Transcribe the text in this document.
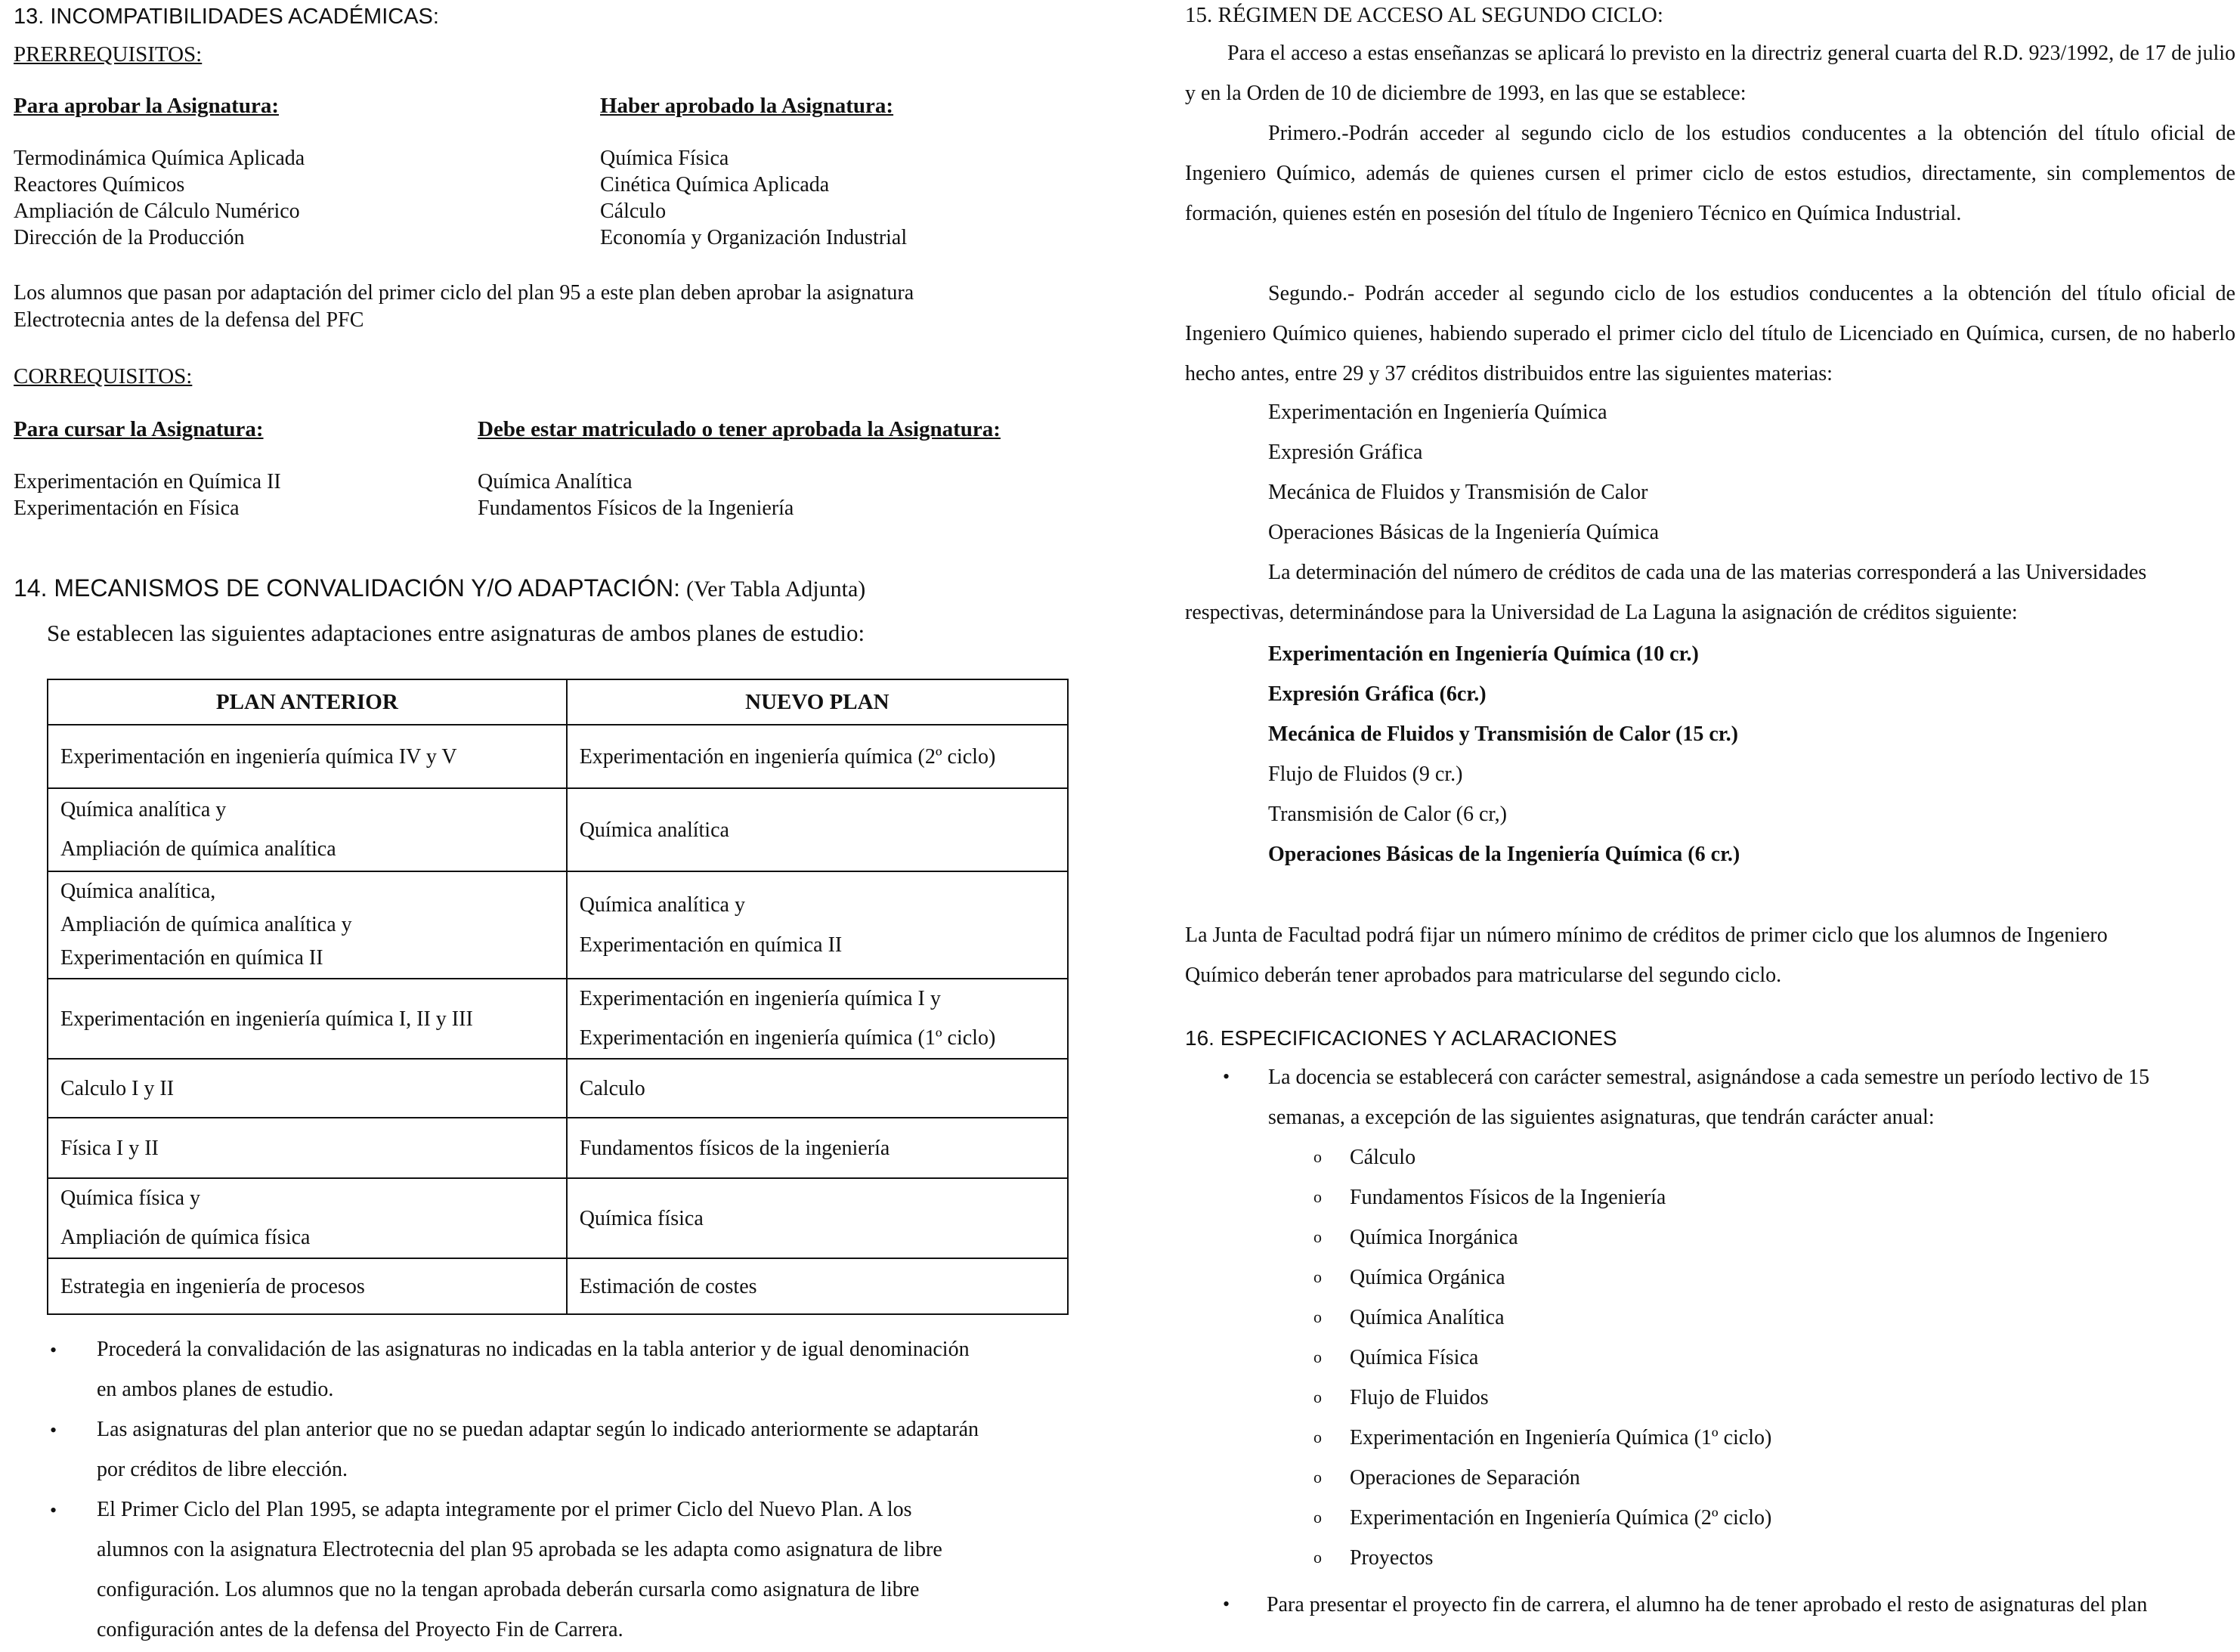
13. INCOMPATIBILIDADES ACADÉMICAS:
PRERREQUISITOS:
Para aprobar la Asignatura:	Haber aprobado la Asignatura:
Termodinámica Química Aplicada	Química Física
Reactores Químicos	Cinética Química Aplicada
Ampliación de Cálculo Numérico	Cálculo
Dirección de la Producción	Economía y Organización Industrial
Los alumnos que pasan por adaptación del primer ciclo del plan 95 a este plan deben aprobar la asignatura
Electrotecnia antes de la defensa del PFC
CORREQUISITOS:
Para cursar la Asignatura:	Debe estar matriculado o tener aprobada la Asignatura:
Experimentación en Química II	Química Analítica
Experimentación en Física	Fundamentos Físicos de la Ingeniería
14. MECANISMOS DE CONVALIDACIÓN Y/O ADAPTACIÓN: (Ver Tabla Adjunta)
Se establecen las siguientes adaptaciones entre asignaturas de ambos planes de estudio:
PLAN ANTERIOR	NUEVO PLAN

Experimentación en ingeniería química IV y V	Experimentación en ingeniería química (2º ciclo)

Química analítica y
Ampliación de química analítica	Química analítica

Química analítica,
Ampliación de química analítica y
Experimentación en química II	Química analítica y
Experimentación en química II

Experimentación en ingeniería química I, II y III	Experimentación en ingeniería química I y
Experimentación en ingeniería química (1º ciclo)

Calculo I y II	Calculo

Física I y II	Fundamentos físicos de la ingeniería

Química física y
Ampliación de química física	Química física

Estrategia en ingeniería de procesos	Estimación de costes
• Procederá la convalidación de las asignaturas no indicadas en la tabla anterior y de igual denominación
en ambos planes de estudio.
• Las asignaturas del plan anterior que no se puedan adaptar según lo indicado anteriormente se adaptarán
por créditos de libre elección.
• El Primer Ciclo del Plan 1995, se adapta integramente por el primer Ciclo del Nuevo Plan. A los
alumnos con la asignatura Electrotecnia del plan 95 aprobada se les adapta como asignatura de libre
configuración. Los alumnos que no la tengan aprobada deberán cursarla como asignatura de libre
configuración antes de la defensa del Proyecto Fin de Carrera.
15. RÉGIMEN DE ACCESO AL SEGUNDO CICLO:
Para el acceso a estas enseñanzas se aplicará lo previsto en la directriz general cuarta del R.D. 923/1992, de 17 de julio y en la Orden de 10 de diciembre de 1993, en las que se establece:
Primero.-Podrán acceder al segundo ciclo de los estudios conducentes a la obtención del título oficial de Ingeniero Químico, además de quienes cursen el primer ciclo de estos estudios, directamente, sin complementos de formación, quienes estén en posesión del título de Ingeniero Técnico en Química Industrial.
Segundo.- Podrán acceder al segundo ciclo de los estudios conducentes a la obtención del título oficial de Ingeniero Químico quienes, habiendo superado el primer ciclo del título de Licenciado en Química, cursen, de no haberlo hecho antes, entre 29 y 37 créditos distribuidos entre las siguientes materias:
Experimentación en Ingeniería Química
Expresión Gráfica
Mecánica de Fluidos y Transmisión de Calor
Operaciones Básicas de la Ingeniería Química
La determinación del número de créditos de cada una de las materias corresponderá a las Universidades
respectivas, determinándose para la Universidad de La Laguna la asignación de créditos siguiente:
Experimentación en Ingeniería Química (10 cr.)
Expresión Gráfica (6cr.)
Mecánica de Fluidos y Transmisión de Calor (15 cr.)
Flujo de Fluidos (9 cr.)
Transmisión de Calor (6 cr,)
Operaciones Básicas de la Ingeniería Química (6 cr.)
La Junta de Facultad podrá fijar un número mínimo de créditos de primer ciclo que los alumnos de Ingeniero
Químico deberán tener aprobados para matricularse del segundo ciclo.
16. ESPECIFICACIONES Y ACLARACIONES
• La docencia se establecerá con carácter semestral, asignándose a cada semestre un período lectivo de 15
semanas, a excepción de las siguientes asignaturas, que tendrán carácter anual:
o Cálculo
o Fundamentos Físicos de la Ingeniería
o Química Inorgánica
o Química Orgánica
o Química Analítica
o Química Física
o Flujo de Fluidos
o Experimentación en Ingeniería Química (1º ciclo)
o Operaciones de Separación
o Experimentación en Ingeniería Química (2º ciclo)
o Proyectos
• Para presentar el proyecto fin de carrera, el alumno ha de tener aprobado el resto de asignaturas del plan
